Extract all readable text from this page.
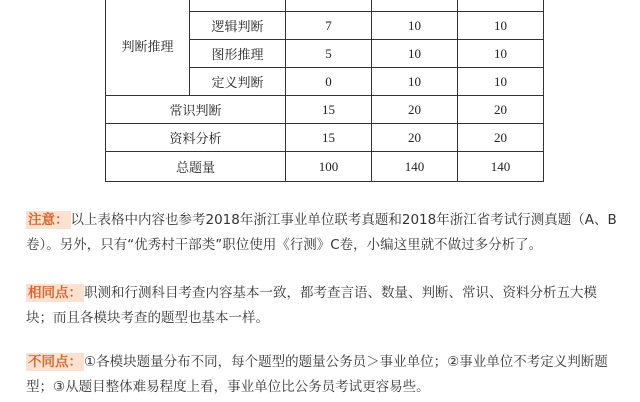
判断推理				
	逻辑判断	7	10	10
	图形推理	5	10	10
	定义判断	0	10	10
常识判断		15	20	20
资料分析		15	20	20
总题量		100	140	140
注意： 以上表格中内容也参考2018年浙江事业单位联考真题和2018年浙江省考试行测真题（A、B卷）。另外，只有“优秀村干部类”职位使用《行测》C卷，小编这里就不做过多分析了。
相同点： 职测和行测科目考查内容基本一致，都考查言语、数量、判断、常识、资料分析五大模块；而且各模块考查的题型也基本一样。
不同点： ①各模块题量分布不同，每个题型的题量公务员＞事业单位；②事业单位不考定义判断题型；③从题目整体难易程度上看，事业单位比公务员考试更容易些。
